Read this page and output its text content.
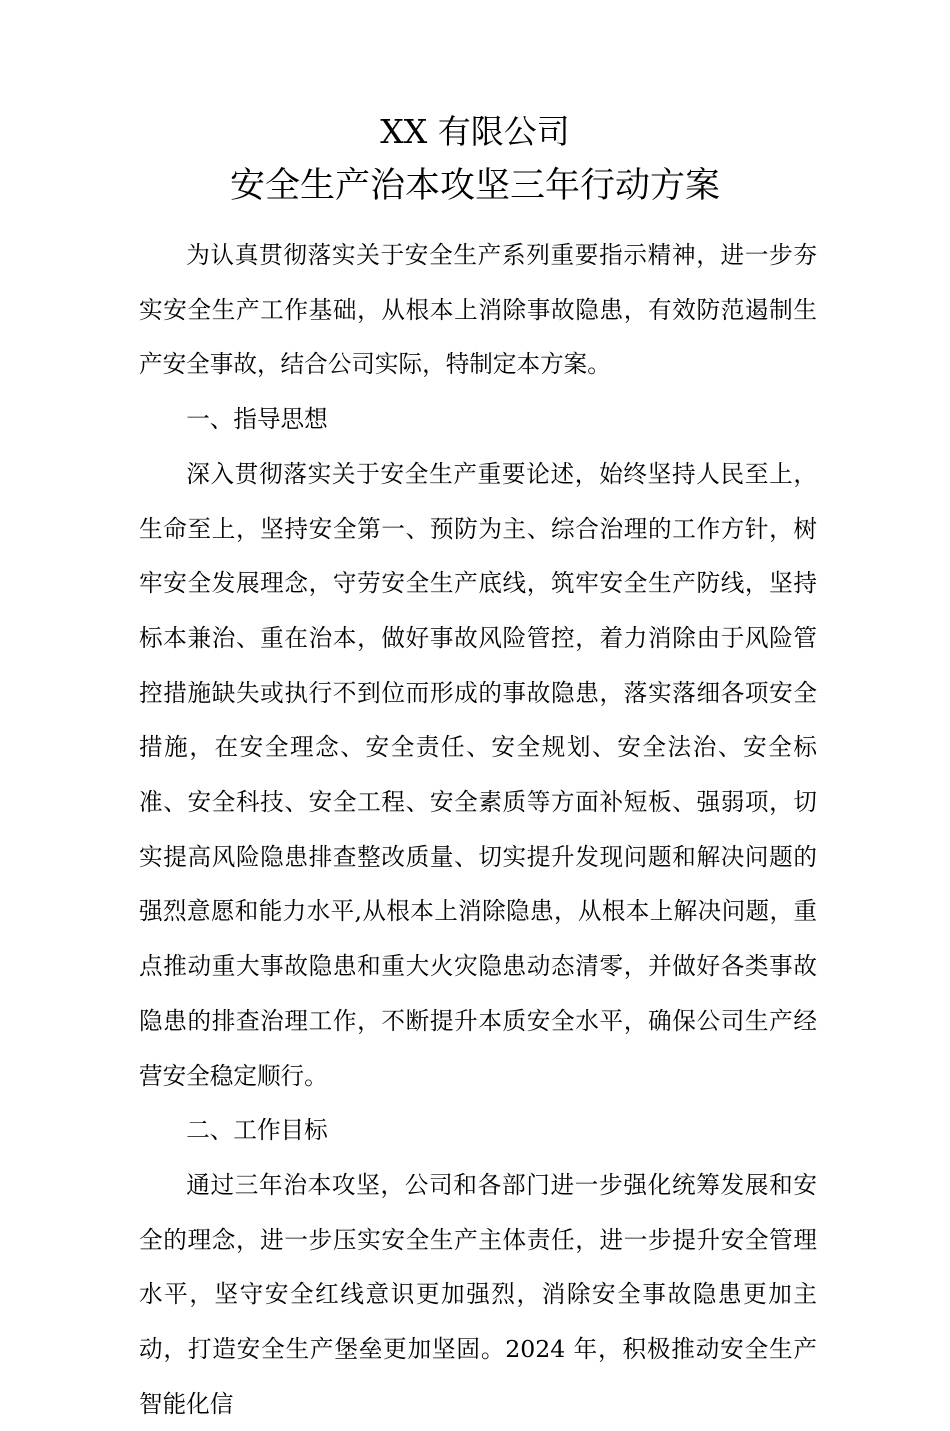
XX 有限公司
安全生产治本攻坚三年行动方案

为认真贯彻落实关于安全生产系列重要指示精神，进一步夯实安全生产工作基础，从根本上消除事故隐患，有效防范遏制生产安全事故，结合公司实际，特制定本方案。

一、指导思想

深入贯彻落实关于安全生产重要论述，始终坚持人民至上，生命至上，坚持安全第一、预防为主、综合治理的工作方针，树牢安全发展理念，守劳安全生产底线，筑牢安全生产防线，坚持标本兼治、重在治本，做好事故风险管控，着力消除由于风险管控措施缺失或执行不到位而形成的事故隐患，落实落细各项安全措施，在安全理念、安全责任、安全规划、安全法治、安全标准、安全科技、安全工程、安全素质等方面补短板、强弱项，切实提高风险隐患排查整改质量、切实提升发现问题和解决问题的强烈意愿和能力水平,从根本上消除隐患，从根本上解决问题，重点推动重大事故隐患和重大火灾隐患动态清零，并做好各类事故隐患的排查治理工作，不断提升本质安全水平，确保公司生产经营安全稳定顺行。

二、工作目标

通过三年治本攻坚，公司和各部门进一步强化统筹发展和安全的理念，进一步压实安全生产主体责任，进一步提升安全管理水平，坚守安全红线意识更加强烈，消除安全事故隐患更加主动，打造安全生产堡垒更加坚固。2024 年，积极推动安全生产智能化信
